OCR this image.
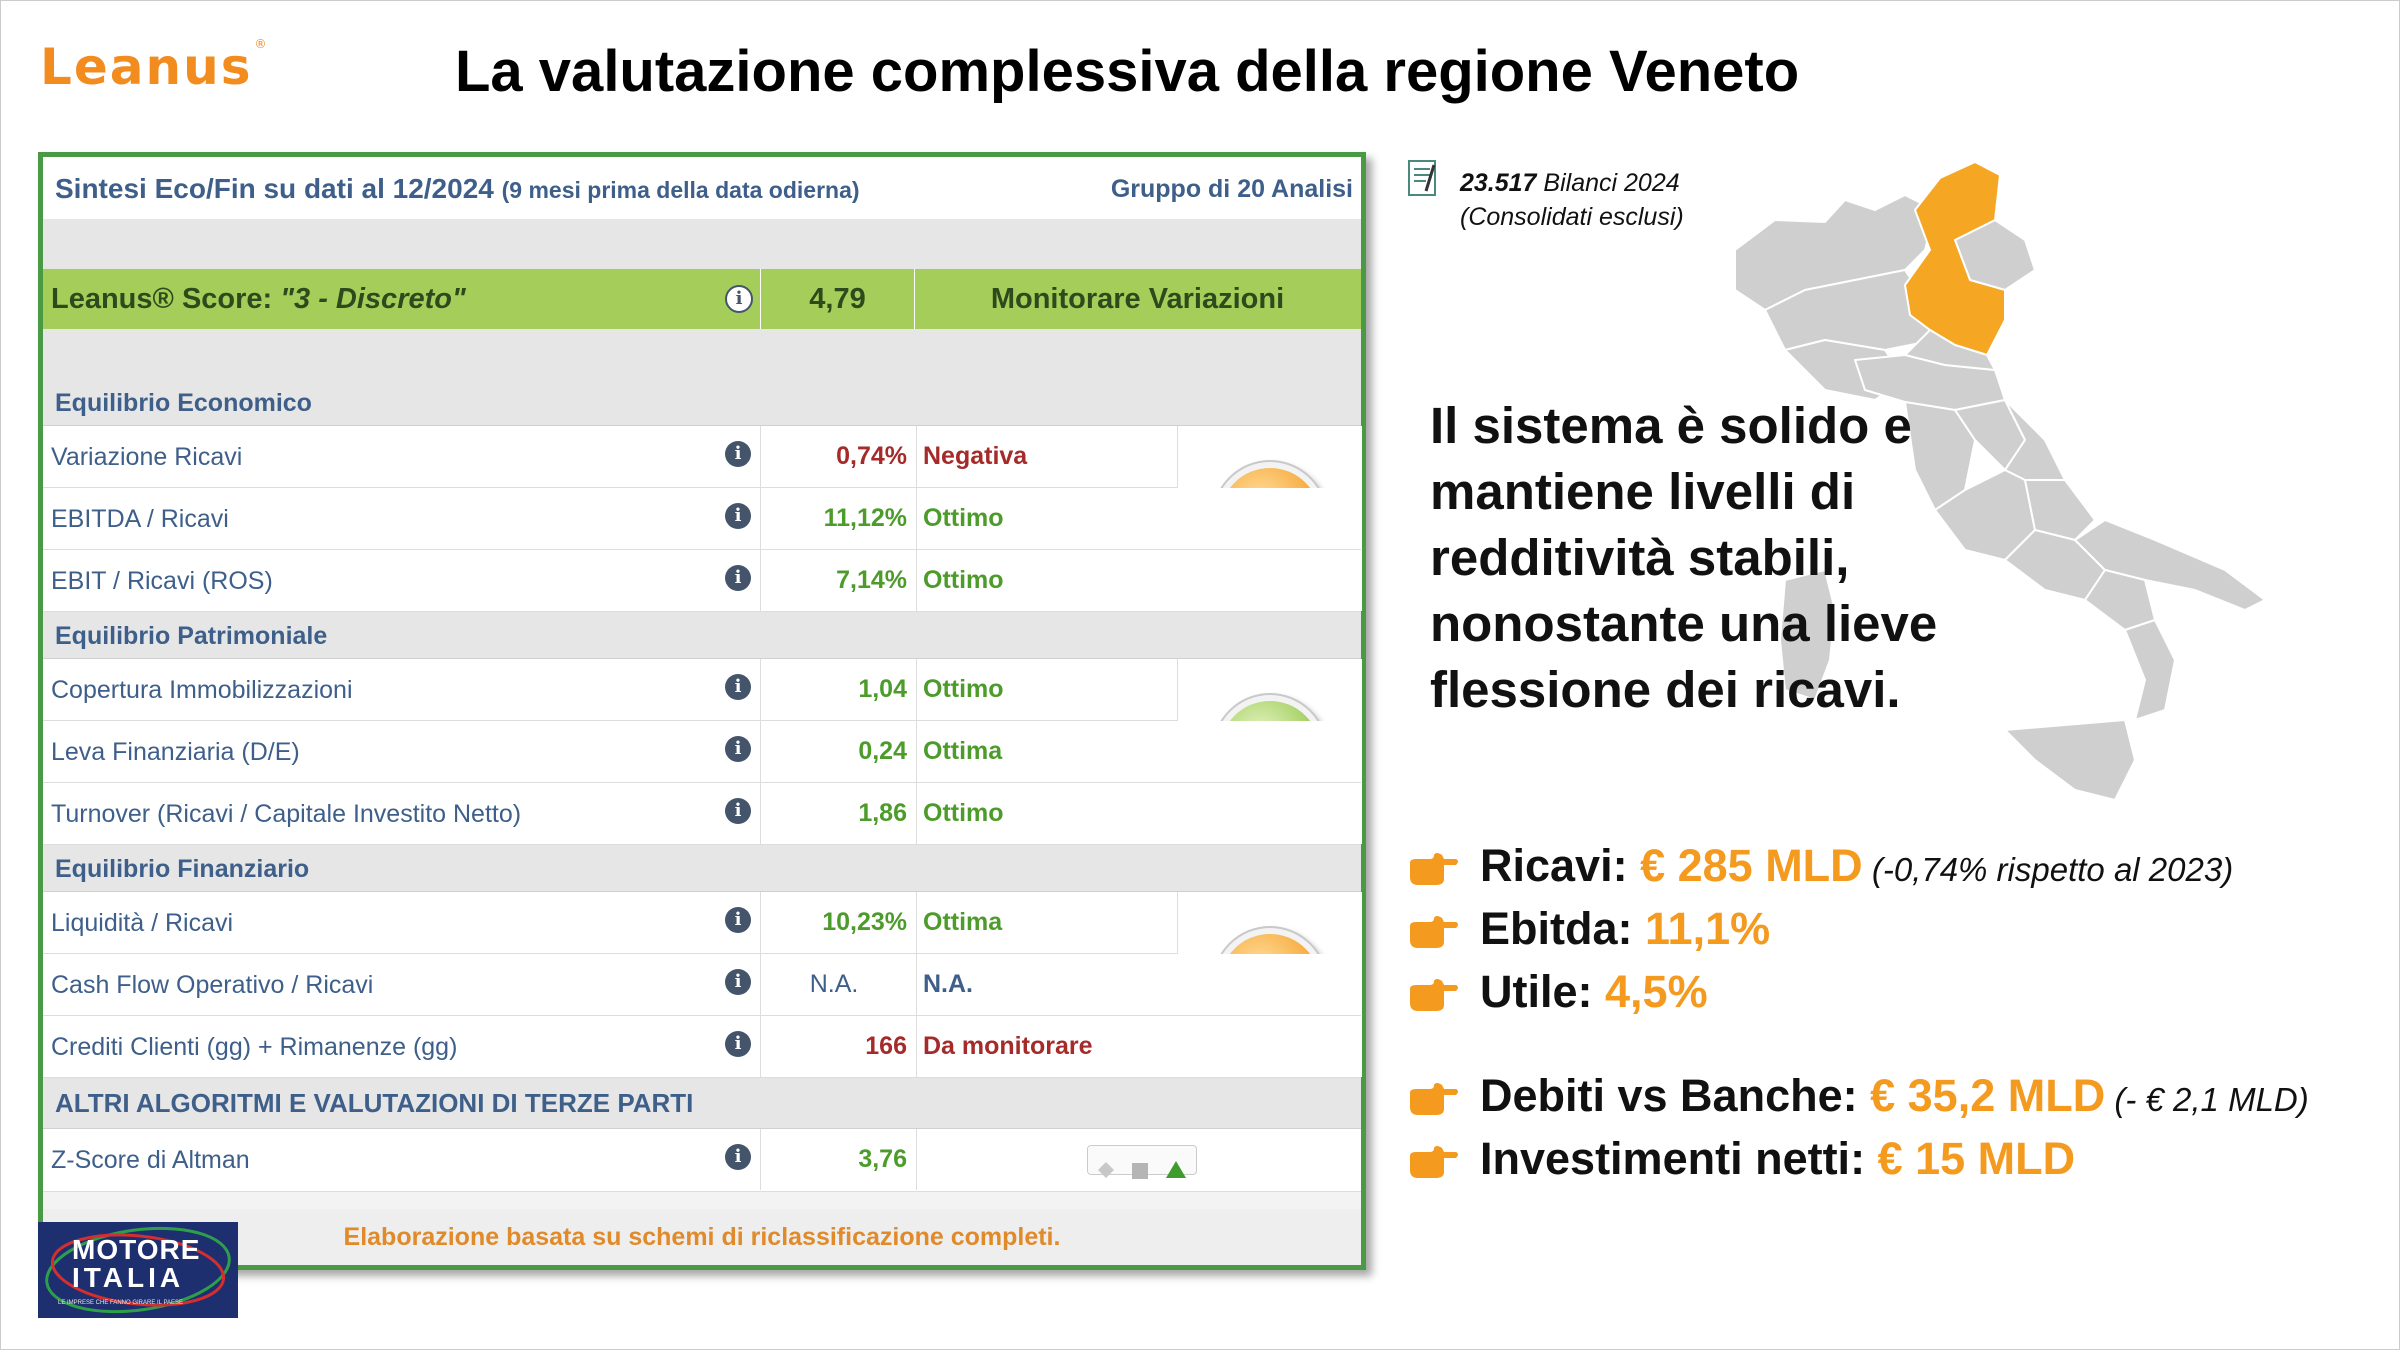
Leanus ®	La valutazione complessiva della regione Veneto
Sintesi Eco/Fin su dati al 12/2024 (9 mesi prima della data odierna)	Gruppo di 20 Analisi
Leanus® Score: "3 - Discreto"	i	4,79	Monitorare Variazioni
Equilibrio Economico
Variazione Ricavi	i	0,74% Negativa
EBITDA / Ricavi	i	11,12% Ottimo
EBIT / Ricavi (ROS)	i	7,14% Ottimo
Equilibrio Patrimoniale
Copertura Immobilizzazioni	i	1,04 Ottimo
Leva Finanziaria (D/E)	i	0,24 Ottima
Turnover (Ricavi / Capitale Investito Netto)	i	1,86 Ottimo
Equilibrio Finanziario
Liquidità / Ricavi	i	10,23% Ottima
Cash Flow Operativo / Ricavi	i	N.A.	N.A.
Crediti Clienti (gg) + Rimanenze (gg)	i	166 Da monitorare
ALTRI ALGORITMI E VALUTAZIONI DI TERZE PARTI
Z-Score di Altman	i	3,76
Elaborazione basata su schemi di riclassificazione completi.
MOTORE
ITALIA
LE IMPRESE CHE FANNO GIRARE IL PAESE
23.517 Bilanci 2024
(Consolidati esclusi)
Il sistema è solido e mantiene livelli di redditività stabili, nonostante una lieve flessione dei ricavi.
Ricavi: € 285 MLD (-0,74% rispetto al 2023)
Ebitda: 11,1%
Utile: 4,5%
Debiti vs Banche: € 35,2 MLD (- € 2,1 MLD)
Investimenti netti: € 15 MLD
